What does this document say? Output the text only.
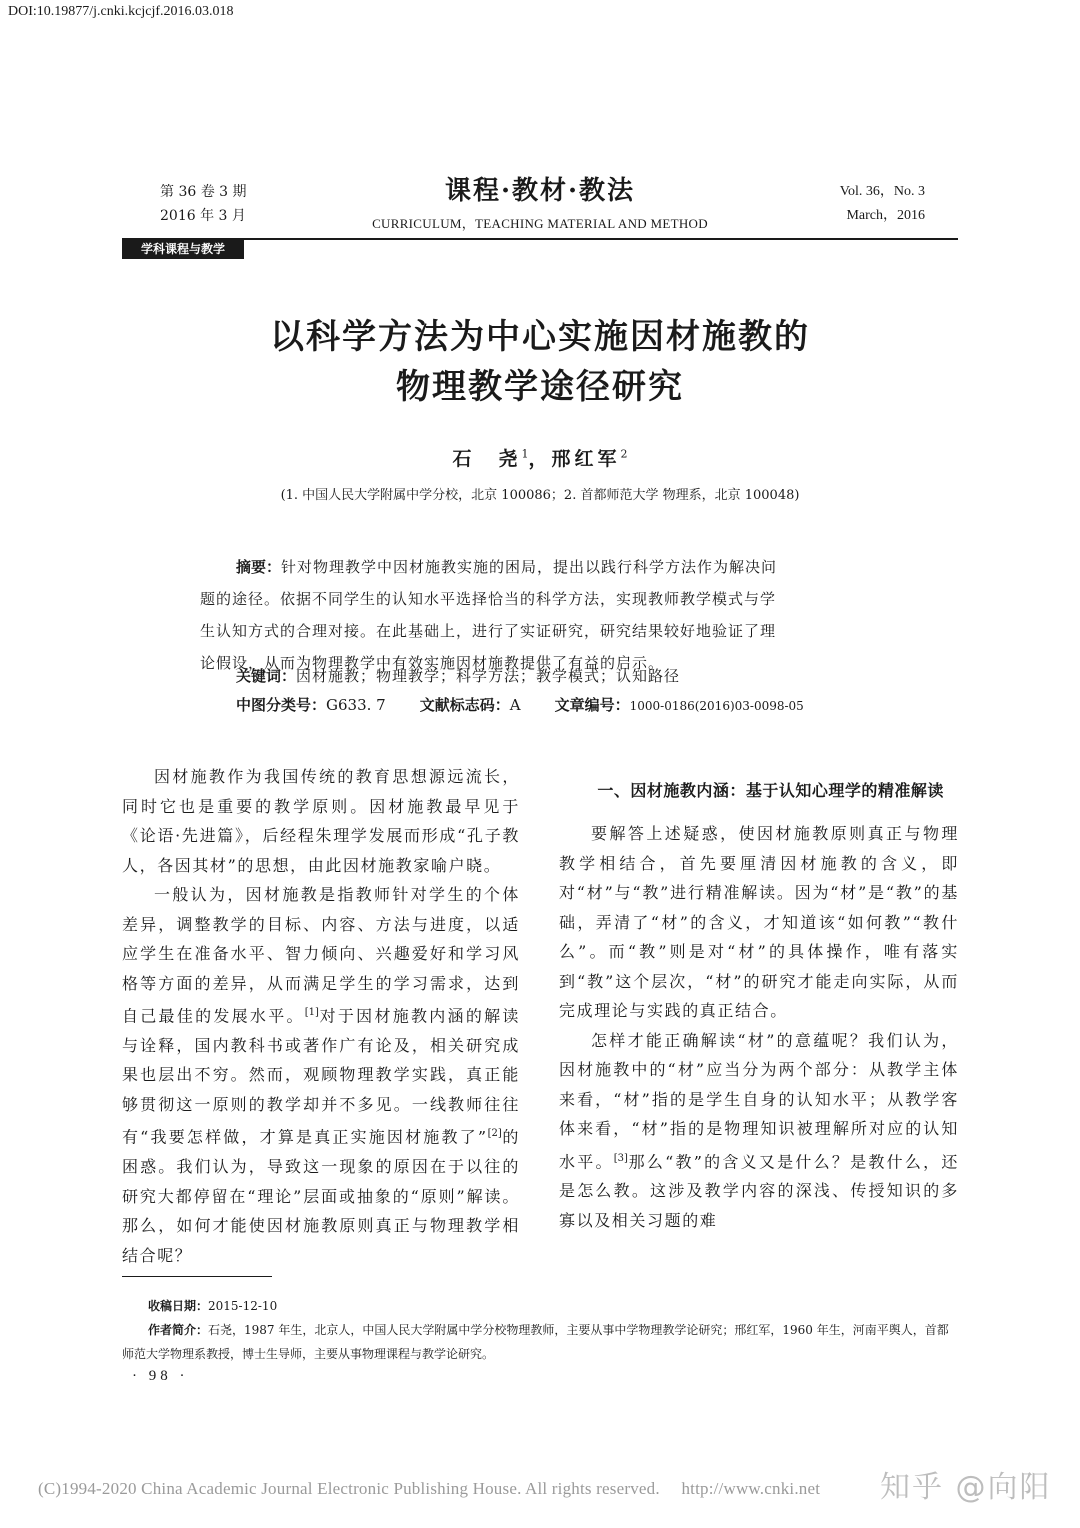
DOI:10.19877/j.cnki.kcjcjf.2016.03.018
第 36 卷 3 期
2016 年 3 月
课程·教材·教法
CURRICULUM，TEACHING MATERIAL AND METHOD
Vol. 36，No. 3
March，2016
学科课程与教学
以科学方法为中心实施因材施教的
物理教学途径研究
石　尧$^1$，邢红军$^2$
(1. 中国人民大学附属中学分校，北京 100086；2. 首都师范大学 物理系，北京 100048)
摘要：针对物理教学中因材施教实施的困局，提出以践行科学方法作为解决问
题的途径。依据不同学生的认知水平选择恰当的科学方法，实现教师教学模式与学
生认知方式的合理对接。在此基础上，进行了实证研究，研究结果较好地验证了理
论假设，从而为物理教学中有效实施因材施教提供了有益的启示。
关键词：因材施教；物理教学；科学方法；教学模式；认知路径
中图分类号：G633. 7 文献标志码：A 文章编号：1000-0186(2016)03-0098-05

因材施教作为我国传统的教育思想源远流长，同时它也是重要的教学原则。因材施教最早见于《论语·先进篇》，后经程朱理学发展而形成“孔子教人，各因其材”的思想，由此因材施教家喻户晓。

一般认为，因材施教是指教师针对学生的个体差异，调整教学的目标、内容、方法与进度，以适应学生在准备水平、智力倾向、兴趣爱好和学习风格等方面的差异，从而满足学生的学习需求，达到自己最佳的发展水平。[1]对于因材施教内涵的解读与诠释，国内教科书或著作广有论及，相关研究成果也层出不穷。然而，观顾物理教学实践，真正能够贯彻这一原则的教学却并不多见。一线教师往往有“我要怎样做，才算是真正实施因材施教了”[2]的困惑。我们认为，导致这一现象的原因在于以往的研究大都停留在“理论”层面或抽象的“原则”解读。那么，如何才能使因材施教原则真正与物理教学相结合呢？

一、因材施教内涵：基于认知心理学的精准解读

要解答上述疑惑，使因材施教原则真正与物理教学相结合，首先要厘清因材施教的含义，即对“材”与“教”进行精准解读。因为“材”是“教”的基础，弄清了“材”的含义，才知道该“如何教”“教什么”。而“教”则是对“材”的具体操作，唯有落实到“教”这个层次，“材”的研究才能走向实际，从而完成理论与实践的真正结合。

怎样才能正确解读“材”的意蕴呢？我们认为，因材施教中的“材”应当分为两个部分：从教学主体来看，“材”指的是学生自身的认知水平；从教学客体来看，“材”指的是物理知识被理解所对应的认知水平。[3]那么“教”的含义又是什么？是教什么，还是怎么教。这涉及教学内容的深浅、传授知识的多寡以及相关习题的难

收稿日期：2015-12-10
作者简介：石尧，1987 年生，北京人，中国人民大学附属中学分校物理教师，主要从事中学物理教学论研究；邢红军，1960 年生，河南平舆人，首都师范大学物理系教授，博士生导师，主要从事物理课程与教学论研究。
· 98 ·
(C)1994-2020 China Academic Journal Electronic Publishing House. All rights reserved.　 http://www.cnki.net 知乎 @向阳
